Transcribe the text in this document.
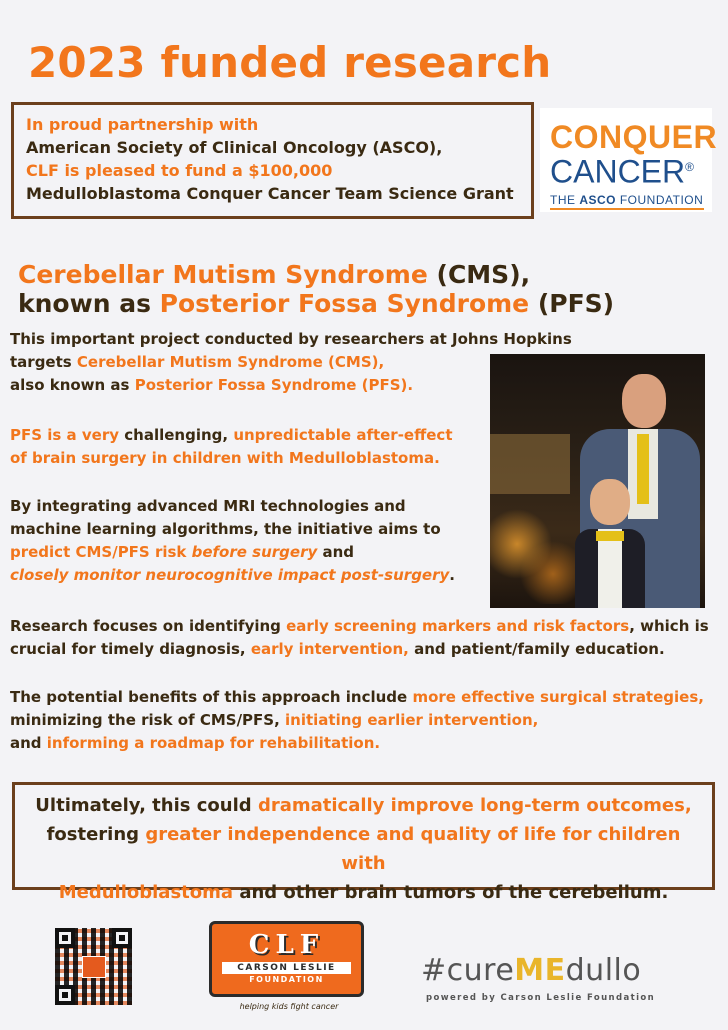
2023 funded research
In proud partnership with
American Society of Clinical Oncology (ASCO),
CLF is pleased to fund a $100,000
Medulloblastoma Conquer Cancer Team Science Grant
CONQUER
CANCER®
THE ASCO FOUNDATION
Cerebellar Mutism Syndrome (CMS),
known as Posterior Fossa Syndrome (PFS)
This important project conducted by researchers at Johns Hopkins
targets Cerebellar Mutism Syndrome (CMS),
also known as Posterior Fossa Syndrome (PFS).
PFS is a very challenging, unpredictable after-effect
of brain surgery in children with Medulloblastoma.
By integrating advanced MRI technologies and
machine learning algorithms, the initiative aims to
predict CMS/PFS risk before surgery and
closely monitor neurocognitive impact post-surgery.
Research focuses on identifying early screening markers and risk factors, which is
crucial for timely diagnosis, early intervention, and patient/family education.
The potential benefits of this approach include more effective surgical strategies,
minimizing the risk of CMS/PFS, initiating earlier intervention,
and informing a roadmap for rehabilitation.
Ultimately, this could dramatically improve long-term outcomes,
fostering greater independence and quality of life for children with
Medulloblastoma and other brain tumors of the cerebellum.
CLF
CARSON LESLIE
FOUNDATION
helping kids fight cancer
#cureMEdullo
powered by Carson Leslie Foundation
